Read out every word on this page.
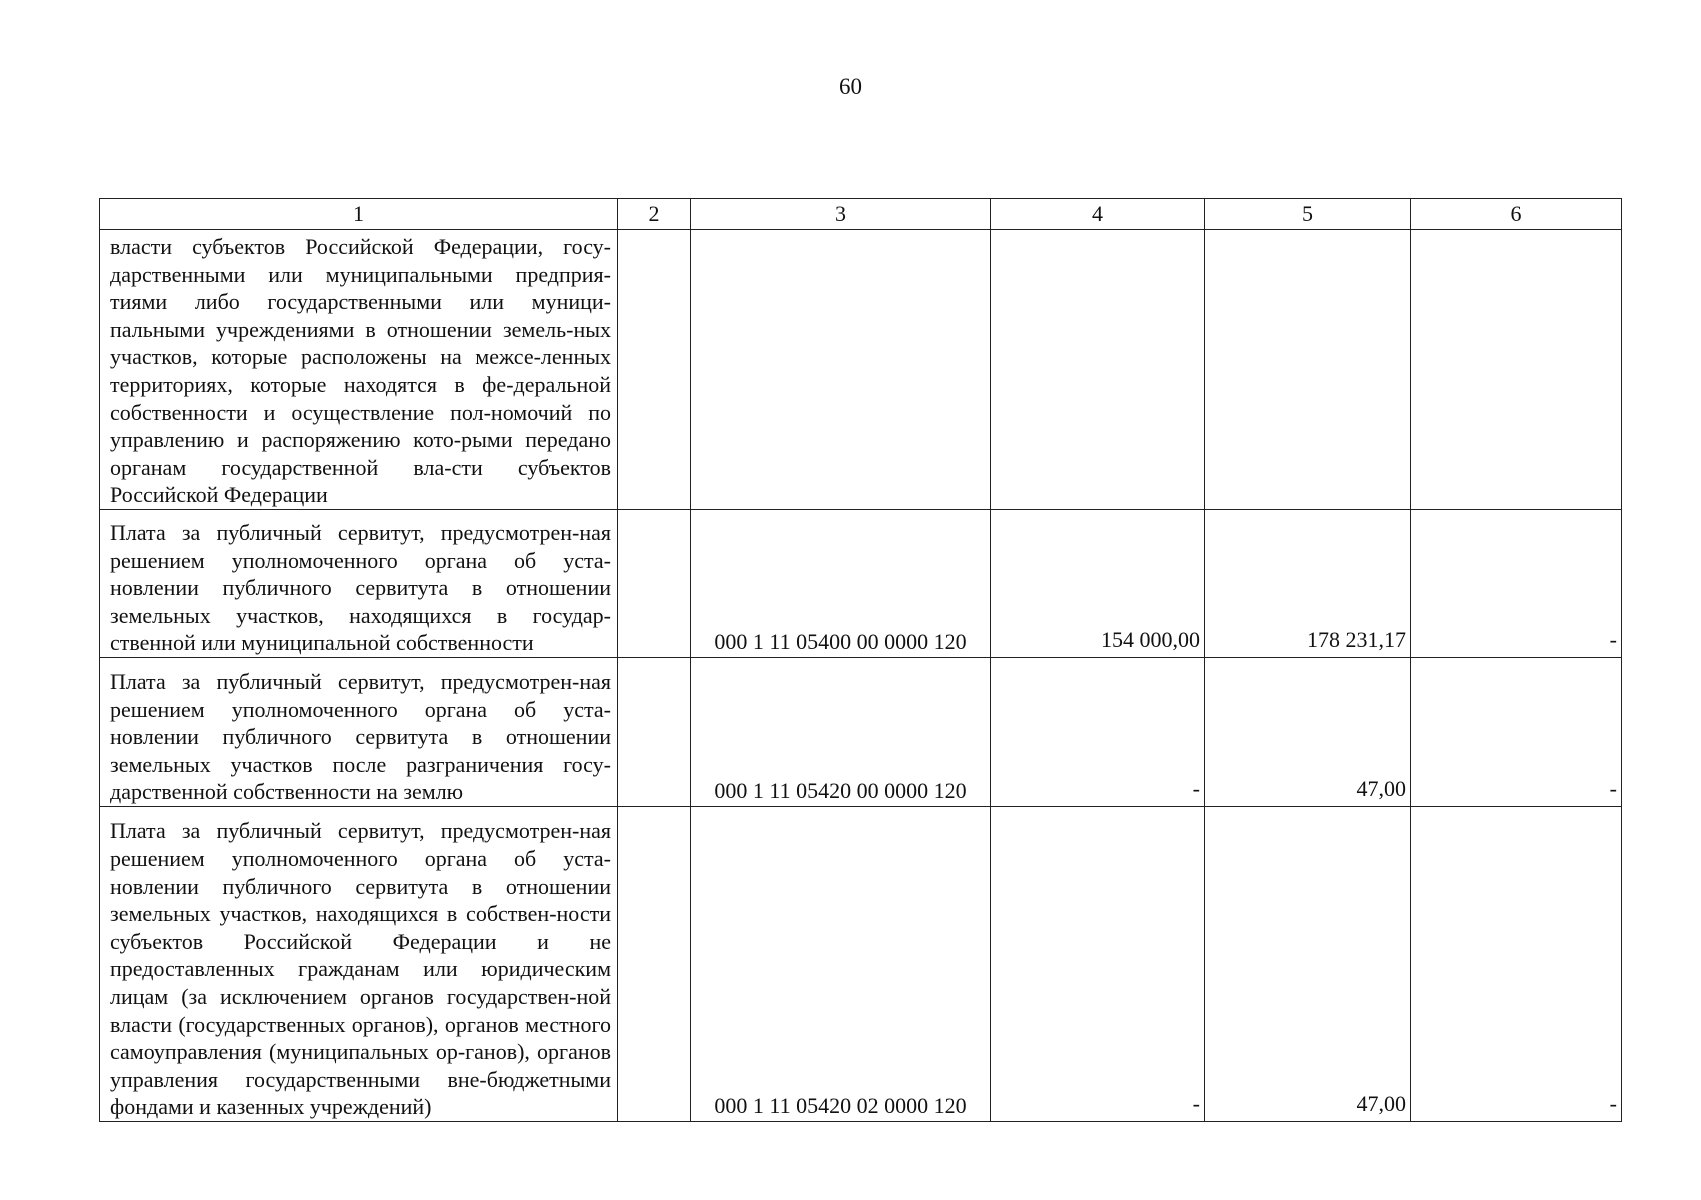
60
1	2	3	4	5	6
власти субъектов Российской Федерации, госу-дарственными или муниципальными предприя-тиями либо государственными или муници-пальными учреждениями в отношении земель-ных участков, которые расположены на межсе-ленных территориях, которые находятся в фе-деральной собственности и осуществление пол-номочий по управлению и распоряжению кото-рыми передано органам государственной вла-сти субъектов Российской Федерации					
Плата за публичный сервитут, предусмотрен-ная решением уполномоченного органа об уста-новлении публичного сервитута в отношении земельных участков, находящихся в государ-ственной или муниципальной собственности		000 1 11 05400 00 0000 120	154 000,00	178 231,17	-
Плата за публичный сервитут, предусмотрен-ная решением уполномоченного органа об уста-новлении публичного сервитута в отношении земельных участков после разграничения госу-дарственной собственности на землю		000 1 11 05420 00 0000 120	-	47,00	-
Плата за публичный сервитут, предусмотрен-ная решением уполномоченного органа об уста-новлении публичного сервитута в отношении земельных участков, находящихся в собствен-ности субъектов Российской Федерации и не предоставленных гражданам или юридическим лицам (за исключением органов государствен-ной власти (государственных органов), органов местного самоуправления (муниципальных ор-ганов), органов управления государственными вне-бюджетными фондами и казенных учреждений)		000 1 11 05420 02 0000 120	-	47,00	-
